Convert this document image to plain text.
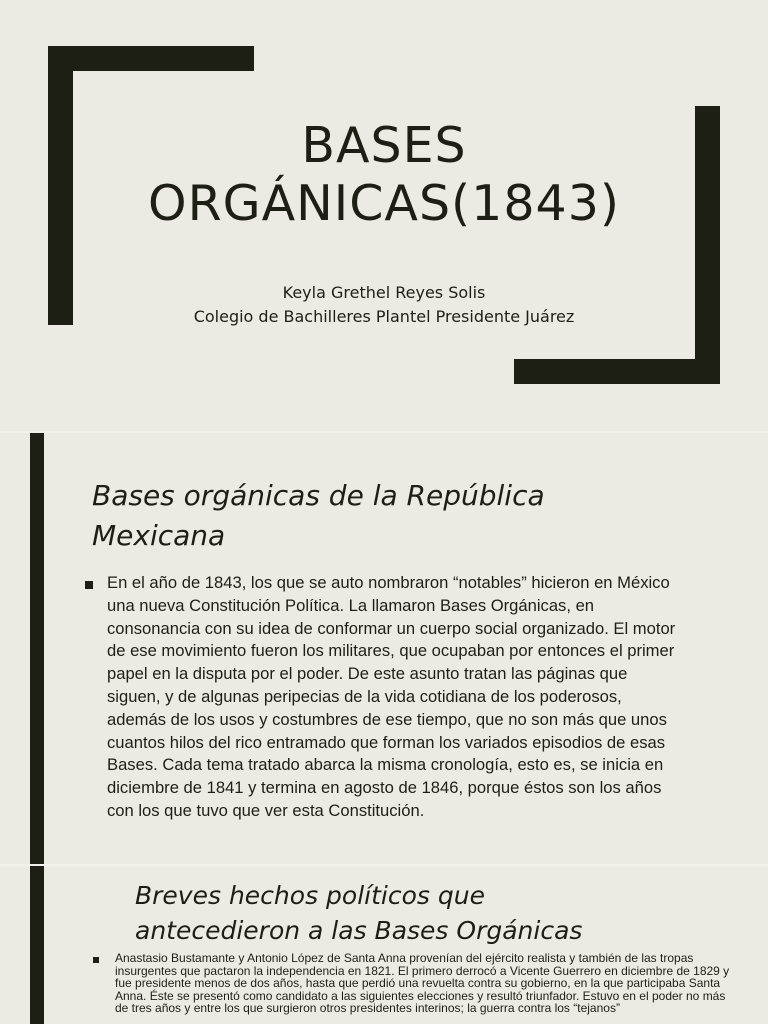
BASES
ORGÁNICAS(1843)
Keyla Grethel Reyes Solis
Colegio de Bachilleres Plantel Presidente Juárez
Bases orgánicas de la República
Mexicana

En el año de 1843, los que se auto nombraron “notables” hicieron en México una nueva Constitución Política. La llamaron Bases Orgánicas, en consonancia con su idea de conformar un cuerpo social organizado. El motor de ese movimiento fueron los militares, que ocupaban por entonces el primer papel en la disputa por el poder. De este asunto tratan las páginas que siguen, y de algunas peripecias de la vida cotidiana de los poderosos, además de los usos y costumbres de ese tiempo, que no son más que unos cuantos hilos del rico entramado que forman los variados episodios de esas Bases. Cada tema tratado abarca la misma cronología, esto es, se inicia en diciembre de 1841 y termina en agosto de 1846, porque éstos son los años con los que tuvo que ver esta Constitución.

Breves hechos políticos que
antecedieron a las Bases Orgánicas

Anastasio Bustamante y Antonio López de Santa Anna provenían del ejército realista y también de las tropas insurgentes que pactaron la independencia en 1821. El primero derrocó a Vicente Guerrero en diciembre de 1829 y fue presidente menos de dos años, hasta que perdió una revuelta contra su gobierno, en la que participaba Santa Anna. Éste se presentó como candidato a las siguientes elecciones y resultó triunfador. Estuvo en el poder no más de tres años y entre los que surgieron otros presidentes interinos; la guerra contra los “tejanos”
